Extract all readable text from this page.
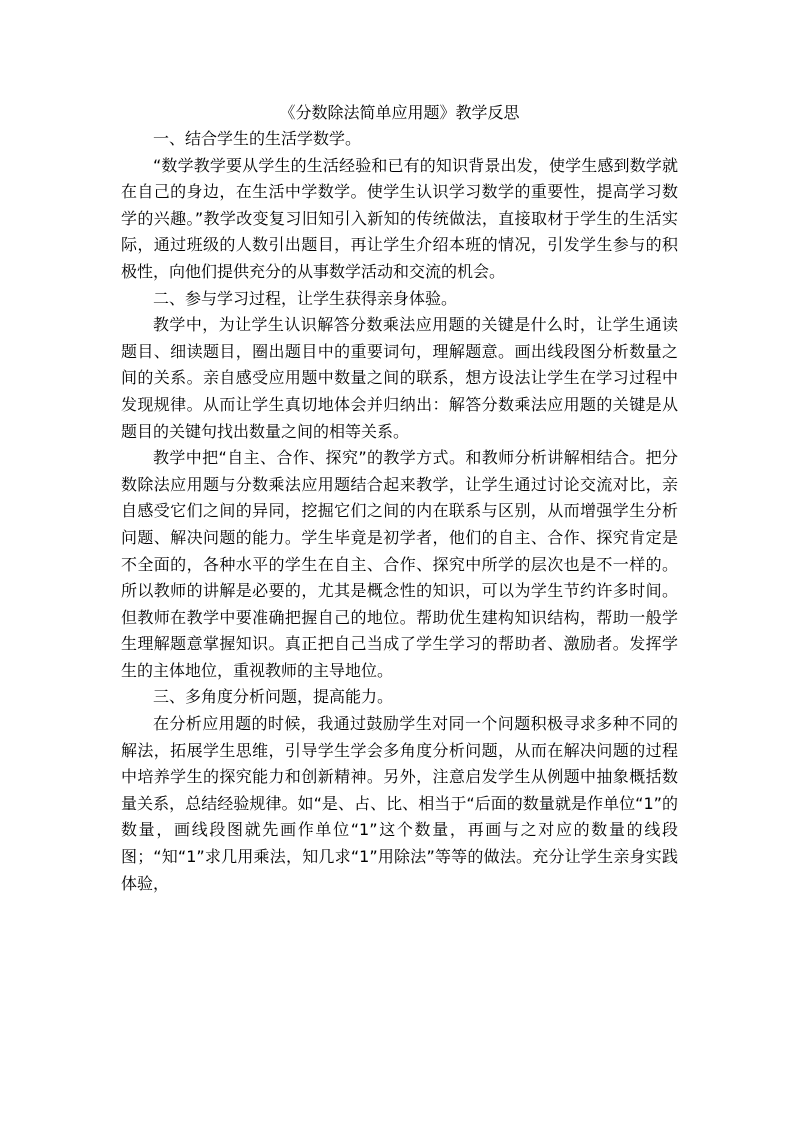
《分数除法简单应用题》教学反思

一、结合学生的生活学数学。

“数学教学要从学生的生活经验和已有的知识背景出发，使学生感到数学就在自己的身边，在生活中学数学。使学生认识学习数学的重要性，提高学习数学的兴趣。”教学改变复习旧知引入新知的传统做法，直接取材于学生的生活实际，通过班级的人数引出题目，再让学生介绍本班的情况，引发学生参与的积极性，向他们提供充分的从事数学活动和交流的机会。

二、参与学习过程，让学生获得亲身体验。

教学中，为让学生认识解答分数乘法应用题的关键是什么时，让学生通读题目、细读题目，圈出题目中的重要词句，理解题意。画出线段图分析数量之间的关系。亲自感受应用题中数量之间的联系，想方设法让学生在学习过程中发现规律。从而让学生真切地体会并归纳出：解答分数乘法应用题的关键是从题目的关键句找出数量之间的相等关系。

教学中把“自主、合作、探究”的教学方式。和教师分析讲解相结合。把分数除法应用题与分数乘法应用题结合起来教学，让学生通过讨论交流对比，亲自感受它们之间的异同，挖掘它们之间的内在联系与区别，从而增强学生分析问题、解决问题的能力。学生毕竟是初学者，他们的自主、合作、探究肯定是不全面的，各种水平的学生在自主、合作、探究中所学的层次也是不一样的。所以教师的讲解是必要的，尤其是概念性的知识，可以为学生节约许多时间。但教师在教学中要准确把握自己的地位。帮助优生建构知识结构，帮助一般学生理解题意掌握知识。真正把自己当成了学生学习的帮助者、激励者。发挥学生的主体地位，重视教师的主导地位。

三、多角度分析问题，提高能力。

在分析应用题的时候，我通过鼓励学生对同一个问题积极寻求多种不同的解法，拓展学生思维，引导学生学会多角度分析问题，从而在解决问题的过程中培养学生的探究能力和创新精神。另外，注意启发学生从例题中抽象概括数量关系，总结经验规律。如“是、占、比、相当于“后面的数量就是作单位“1”的数量，画线段图就先画作单位“1”这个数量，再画与之对应的数量的线段图；“知“1”求几用乘法，知几求“1”用除法”等等的做法。充分让学生亲身实践体验，
